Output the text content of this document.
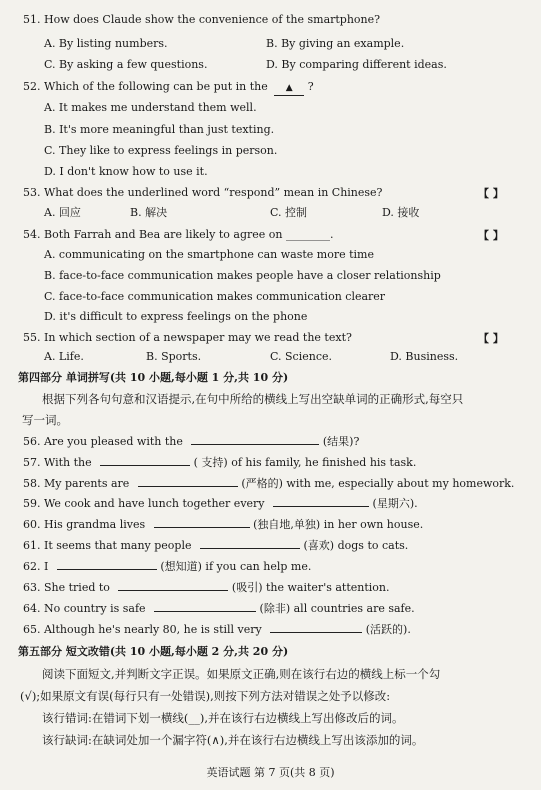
51. How does Claude show the convenience of the smartphone?
A. By listing numbers.	B. By giving an example.
C. By asking a few questions.	D. By comparing different ideas.
52. Which of the following can be put in the ▲ ?
A. It makes me understand them well.
B. It's more meaningful than just texting.
C. They like to express feelings in person.
D. I don't know how to use it.
53. What does the underlined word “respond” mean in Chinese?	【 】
A. 回应	B. 解决	C. 控制	D. 接收
54. Both Farrah and Bea are likely to agree on ________.	【 】
A. communicating on the smartphone can waste more time
B. face-to-face communication makes people have a closer relationship
C. face-to-face communication makes communication clearer
D. it's difficult to express feelings on the phone
55. In which section of a newspaper may we read the text?	【 】
A. Life.	B. Sports.	C. Science.	D. Business.
第四部分 单词拼写(共 10 小题,每小题 1 分,共 10 分)
根据下列各句句意和汉语提示,在句中所给的横线上写出空缺单词的正确形式,每空只
写一词。
56. Are you pleased with the	(结果)?
57. With the	( 支持) of his family, he finished his task.
58. My parents are	(严格的) with me, especially about my homework.
59. We cook and have lunch together every	(星期六).
60. His grandma lives	(独自地,单独) in her own house.
61. It seems that many people	(喜欢) dogs to cats.
62. I	(想知道) if you can help me.
63. She tried to	(吸引) the waiter's attention.
64. No country is safe	(除非) all countries are safe.
65. Although he's nearly 80, he is still very	(活跃的).
第五部分 短文改错(共 10 小题,每小题 2 分,共 20 分)
阅读下面短文,并判断文字正误。如果原文正确,则在该行右边的横线上标一个勾
(√);如果原文有误(每行只有一处错误),则按下列方法对错误之处予以修改:
该行错词:在错词下划一横线(__),并在该行右边横线上写出修改后的词。
该行缺词:在缺词处加一个漏字符(∧),并在该行右边横线上写出该添加的词。
英语试题 第 7 页(共 8 页)
